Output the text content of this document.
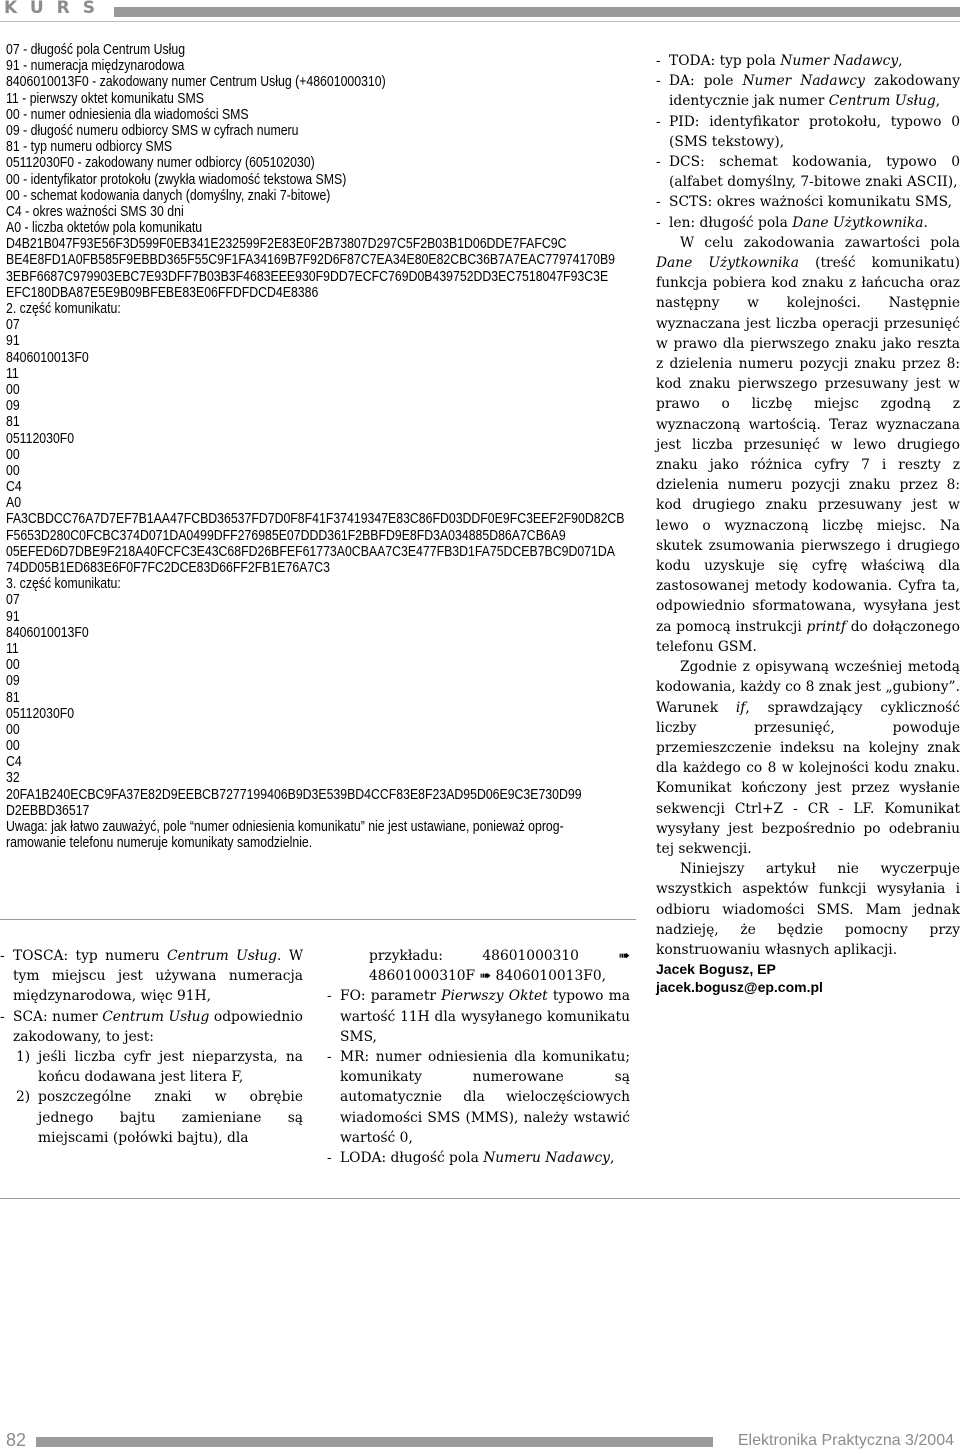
KURS
07 - długość pola Centrum Usług
91 - numeracja międzynarodowa
8406010013F0 - zakodowany numer Centrum Usług (+48601000310)
11 - pierwszy oktet komunikatu SMS
00 - numer odniesienia dla wiadomości SMS
09 - długość numeru odbiorcy SMS w cyfrach numeru
81 - typ numeru odbiorcy SMS
05112030F0 - zakodowany numer odbiorcy (605102030)
00 - identyfikator protokołu (zwykła wiadomość tekstowa SMS)
00 - schemat kodowania danych (domyślny, znaki 7-bitowe)
C4 - okres ważności SMS 30 dni
A0 - liczba oktetów pola komunikatu
D4B21B047F93E56F3D599F0EB341E232599F2E83E0F2B73807D297C5F2B03B1D06DDE7FAFC9C
BE4E8FD1A0FB585F9EBBD365F55C9F1FA34169B7F92D6F87C7EA34E80E82CBC36B7A7EAC77974170B9
3EBF6687C979903EBC7E93DFF7B03B3F4683EEE930F9DD7ECFC769D0B439752DD3EC7518047F93C3E
EFC180DBA87E5E9B09BFEBE83E06FFDFDCD4E8386
2. część komunikatu:
07
91
8406010013F0
11
00
09
81
05112030F0
00
00
C4
A0
FA3CBDCC76A7D7EF7B1AA47FCBD36537FD7D0F8F41F37419347E83C86FD03DDF0E9FC3EEF2F90D82CB
F5653D280C0FCBC374D071DA0499DFF276985E07DDD361F2BBFD9E8FD3A034885D86A7CB6A9
05EFED6D7DBE9F218A40FCFC3E43C68FD26BFEF61773A0CBAA7C3E477FB3D1FA75DCEB7BC9D071DA
74DD05B1ED683E6F0F7FC2DCE83D66FF2FB1E76A7C3
3. część komunikatu:
07
91
8406010013F0
11
00
09
81
05112030F0
00
00
C4
32
20FA1B240ECBC9FA37E82D9EEBCB7277199406B9D3E539BD4CCF83E8F23AD95D06E9C3E730D99
D2EBBD36517
Uwaga: jak łatwo zauważyć, pole “numer odniesienia komunikatu” nie jest ustawiane, ponieważ oprog-
ramowanie telefonu numeruje komunikaty samodzielnie.
- TOSCA: typ numeru Centrum Usług. W tym miejscu jest używana numeracja międzynarodowa, więc 91H,
- SCA: numer Centrum Usług odpowiednio zakodowany, to jest:
1) jeśli liczba cyfr jest nieparzysta, na końcu dodawana jest litera F,
2) poszczególne znaki w obrębie jednego bajtu zamieniane są miejscami (połówki bajtu), dla
przykładu: 48601000310 ➠ 48601000310F ➠ 8406010013F0,
- FO: parametr Pierwszy Oktet typowo ma wartość 11H dla wysyłanego komunikatu SMS,
- MR: numer odniesienia dla komunikatu; komunikaty numerowane są automatycznie dla wieloczęściowych wiadomości SMS (MMS), należy wstawić wartość 0,
- LODA: długość pola Numeru Nadawcy,
- TODA: typ pola Numer Nadawcy,
- DA: pole Numer Nadawcy zakodowany identycznie jak numer Centrum Usług,
- PID: identyfikator protokołu, typowo 0 (SMS tekstowy),
- DCS: schemat kodowania, typowo 0 (alfabet domyślny, 7-bitowe znaki ASCII),
- SCTS: okres ważności komunikatu SMS,
- len: długość pola Dane Użytkownika.
W celu zakodowania zawartości pola Dane Użytkownika (treść komunikatu) funkcja pobiera kod znaku z łańcucha oraz następny w kolejności. Następnie wyznaczana jest liczba operacji przesunięć w prawo dla pierwszego znaku jako reszta z dzielenia numeru pozycji znaku przez 8: kod znaku pierwszego przesuwany jest w prawo o liczbę miejsc zgodną z wyznaczoną wartością. Teraz wyznaczana jest liczba przesunięć w lewo drugiego znaku jako różnica cyfry 7 i reszty z dzielenia numeru pozycji znaku przez 8: kod drugiego znaku przesuwany jest w lewo o wyznaczoną liczbę miejsc. Na skutek zsumowania pierwszego i drugiego kodu uzyskuje się cyfrę właściwą dla zastosowanej metody kodowania. Cyfra ta, odpowiednio sformatowana, wysyłana jest za pomocą instrukcji printf do dołączonego telefonu GSM.
Zgodnie z opisywaną wcześniej metodą kodowania, każdy co 8 znak jest „gubiony”. Warunek if, sprawdzający cykliczność liczby przesunięć, powoduje przemieszczenie indeksu na kolejny znak dla każdego co 8 w kolejności kodu znaku. Komunikat kończony jest przez wysłanie sekwencji Ctrl+Z - CR - LF. Komunikat wysyłany jest bezpośrednio po odebraniu tej sekwencji.
Niniejszy artykuł nie wyczerpuje wszystkich aspektów funkcji wysyłania i odbioru wiadomości SMS. Mam jednak nadzieję, że będzie pomocny przy konstruowaniu własnych aplikacji.
Jacek Bogusz, EP
jacek.bogusz@ep.com.pl
82	Elektronika Praktyczna 3/2004
